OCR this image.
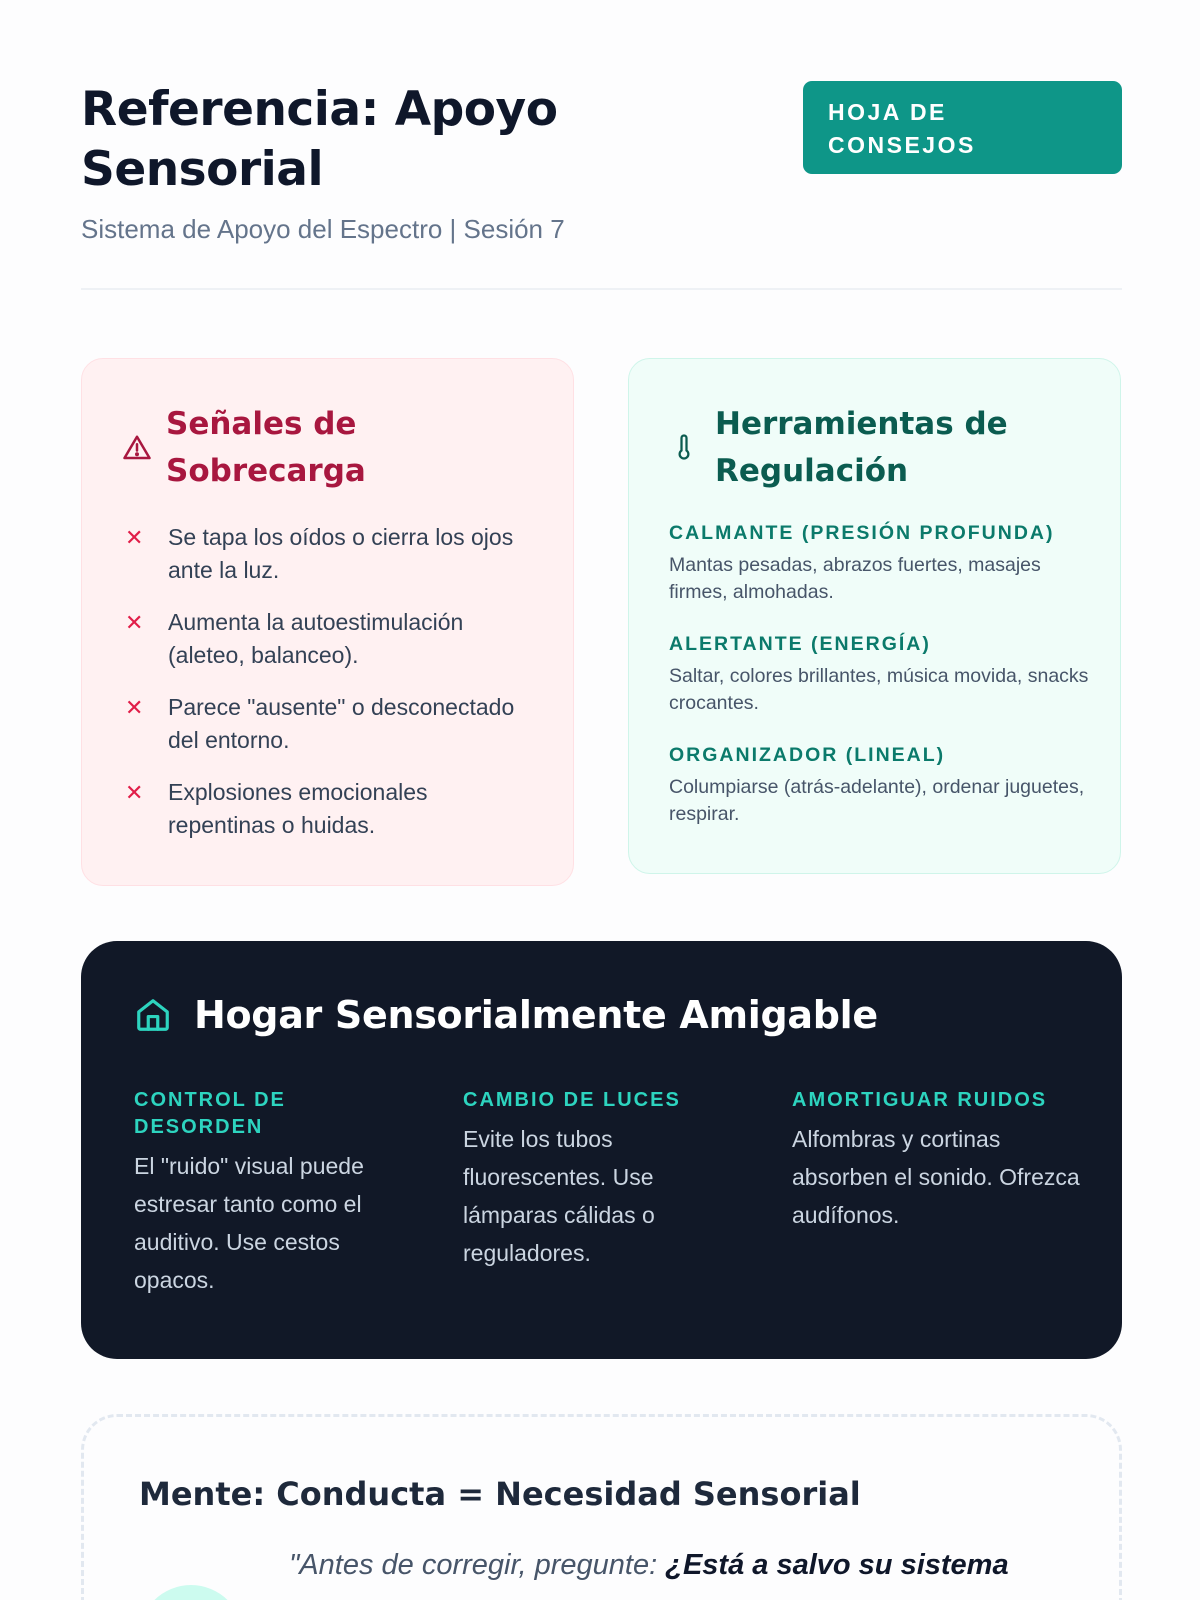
Referencia: Apoyo Sensorial
Sistema de Apoyo del Espectro | Sesión 7
HOJA DE CONSEJOS
Señales de Sobrecarga
✕	Se tapa los oídos o cierra los ojos ante la luz.
✕	Aumenta la autoestimulación (aleteo, balanceo).
✕	Parece "ausente" o desconectado del entorno.
✕	Explosiones emocionales repentinas o huidas.
Herramientas de Regulación
CALMANTE (PRESIÓN PROFUNDA)
Mantas pesadas, abrazos fuertes, masajes firmes, almohadas.
ALERTANTE (ENERGÍA)
Saltar, colores brillantes, música movida, snacks crocantes.
ORGANIZADOR (LINEAL)
Columpiarse (atrás-adelante), ordenar juguetes, respirar.
Hogar Sensorialmente Amigable
CONTROL DE DESORDEN
El "ruido" visual puede estresar tanto como el auditivo. Use cestos opacos.
CAMBIO DE LUCES
Evite los tubos fluorescentes. Use lámparas cálidas o reguladores.
AMORTIGUAR RUIDOS
Alfombras y cortinas absorben el sonido. Ofrezca audífonos.
Mente: Conducta = Necesidad Sensorial

"Antes de corregir, pregunte: ¿Está a salvo su sistema
